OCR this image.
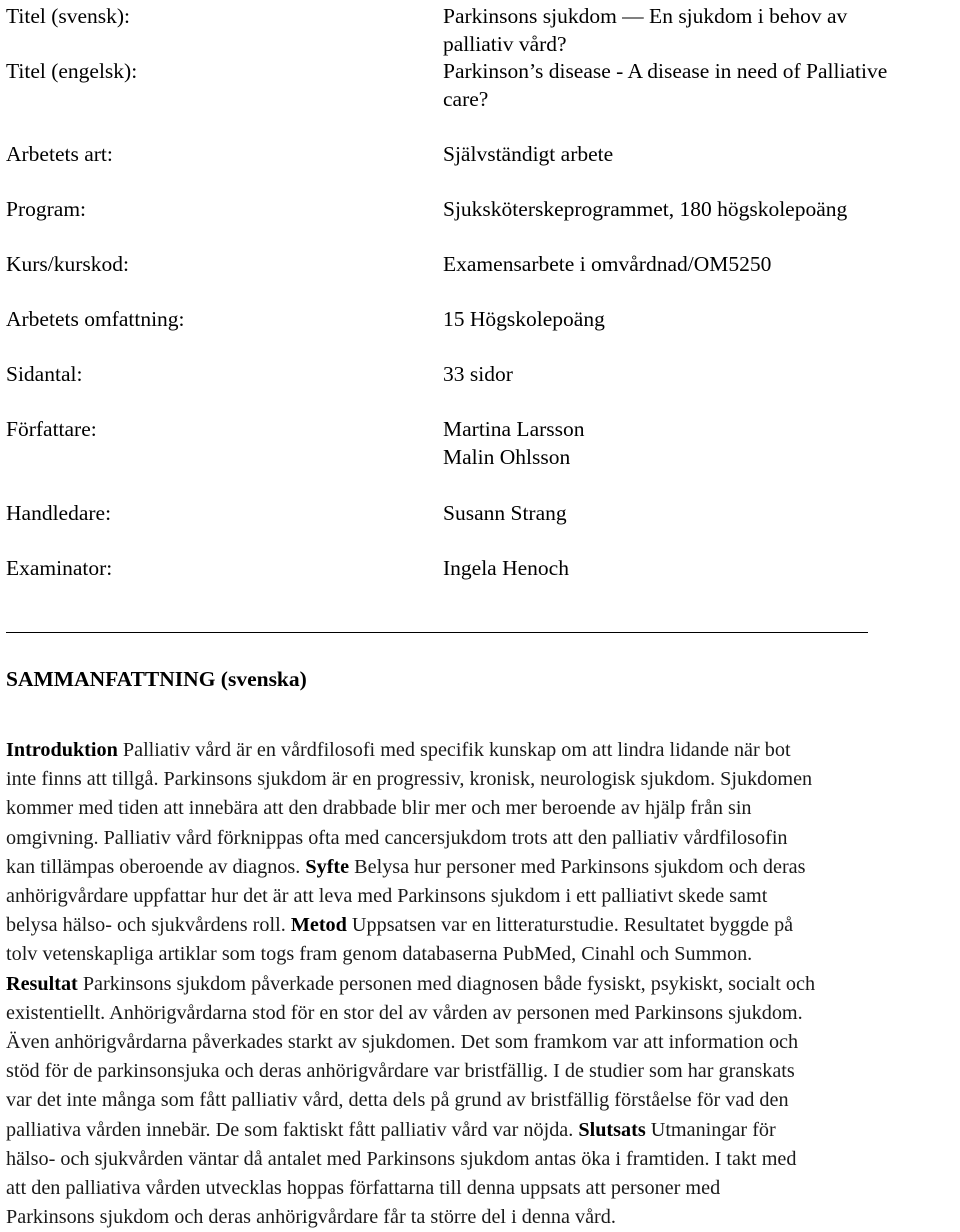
Titel (svensk):	Parkinsons sjukdom — En sjukdom i behov av
palliativ vård?
Titel (engelsk):	Parkinson’s disease - A disease in need of Palliative
care?
Arbetets art:	Självständigt arbete
Program:	Sjuksköterskeprogrammet, 180 högskolepoäng
Kurs/kurskod:	Examensarbete i omvårdnad/OM5250
Arbetets omfattning:	15 Högskolepoäng
Sidantal:	33 sidor
Författare:	Martina Larsson
Malin Ohlsson
Handledare:	Susann Strang
Examinator:	Ingela Henoch
SAMMANFATTNING (svenska)
Introduktion Palliativ vård är en vårdfilosofi med specifik kunskap om att lindra lidande när bot
inte finns att tillgå. Parkinsons sjukdom är en progressiv, kronisk, neurologisk sjukdom. Sjukdomen
kommer med tiden att innebära att den drabbade blir mer och mer beroende av hjälp från sin
omgivning. Palliativ vård förknippas ofta med cancersjukdom trots att den palliativ vårdfilosofin
kan tillämpas oberoende av diagnos. Syfte Belysa hur personer med Parkinsons sjukdom och deras
anhörigvårdare uppfattar hur det är att leva med Parkinsons sjukdom i ett palliativt skede samt
belysa hälso- och sjukvårdens roll. Metod Uppsatsen var en litteraturstudie. Resultatet byggde på
tolv vetenskapliga artiklar som togs fram genom databaserna PubMed, Cinahl och Summon.
Resultat Parkinsons sjukdom påverkade personen med diagnosen både fysiskt, psykiskt, socialt och
existentiellt. Anhörigvårdarna stod för en stor del av vården av personen med Parkinsons sjukdom.
Även anhörigvårdarna påverkades starkt av sjukdomen. Det som framkom var att information och
stöd för de parkinsonsjuka och deras anhörigvårdare var bristfällig. I de studier som har granskats
var det inte många som fått palliativ vård, detta dels på grund av bristfällig förståelse för vad den
palliativa vården innebär. De som faktiskt fått palliativ vård var nöjda. Slutsats Utmaningar för
hälso- och sjukvården väntar då antalet med Parkinsons sjukdom antas öka i framtiden. I takt med
att den palliativa vården utvecklas hoppas författarna till denna uppsats att personer med
Parkinsons sjukdom och deras anhörigvårdare får ta större del i denna vård.
